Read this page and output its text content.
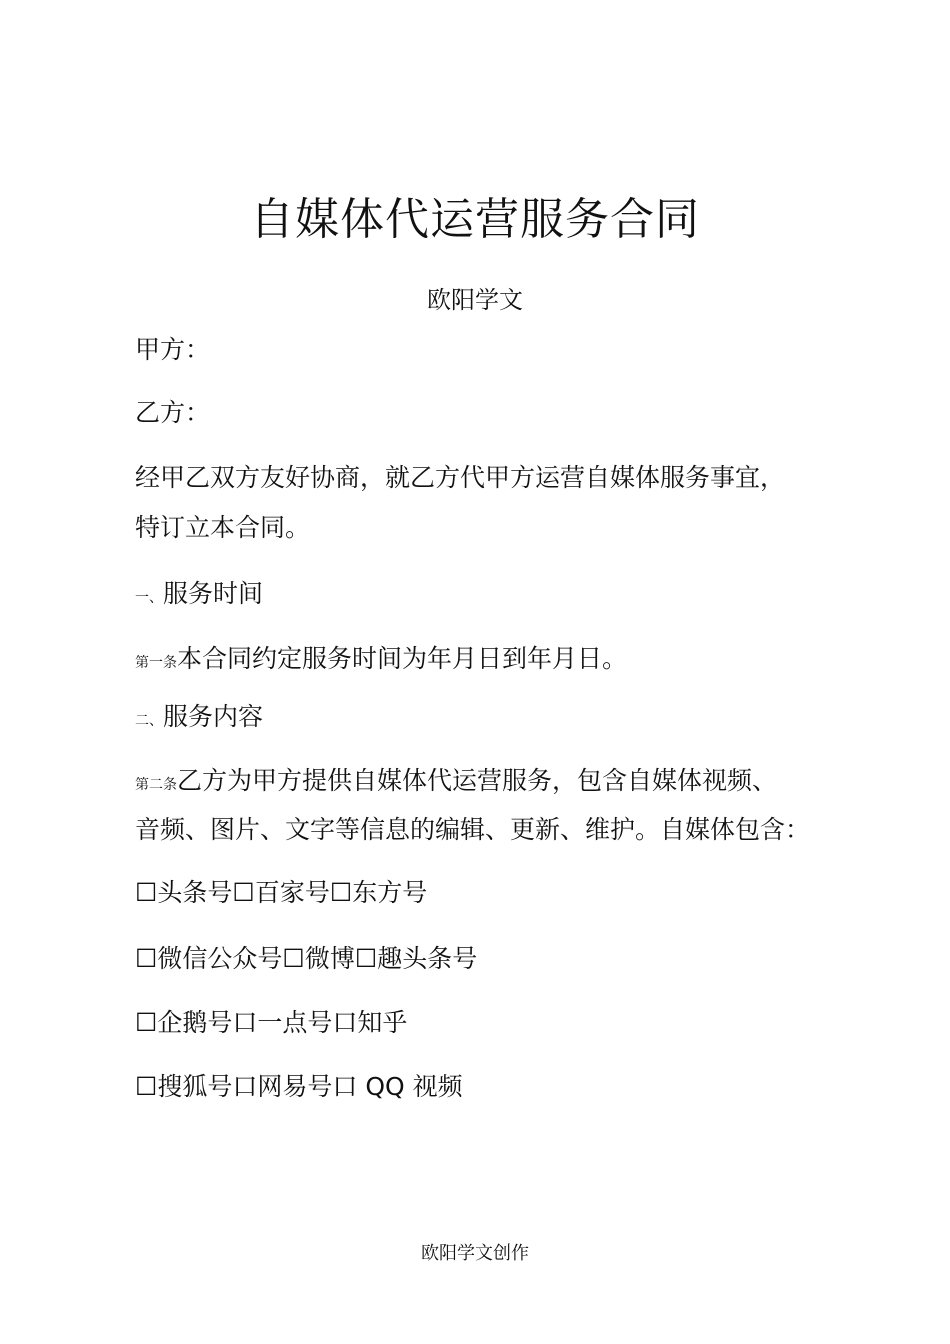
自媒体代运营服务合同
欧阳学文
甲方：
乙方：
经甲乙双方友好协商，就乙方代甲方运营自媒体服务事宜，
特订立本合同。
一、服务时间
第一条本合同约定服务时间为年月日到年月日。
二、服务内容
第二条乙方为甲方提供自媒体代运营服务，包含自媒体视频、
音频、图片、文字等信息的编辑、更新、维护。自媒体包含：
☐头条号☐百家号☐东方号
☐微信公众号☐微博☐趣头条号
☐企鹅号口一点号口知乎
☐搜狐号口网易号口 QQ 视频
欧阳学文创作
